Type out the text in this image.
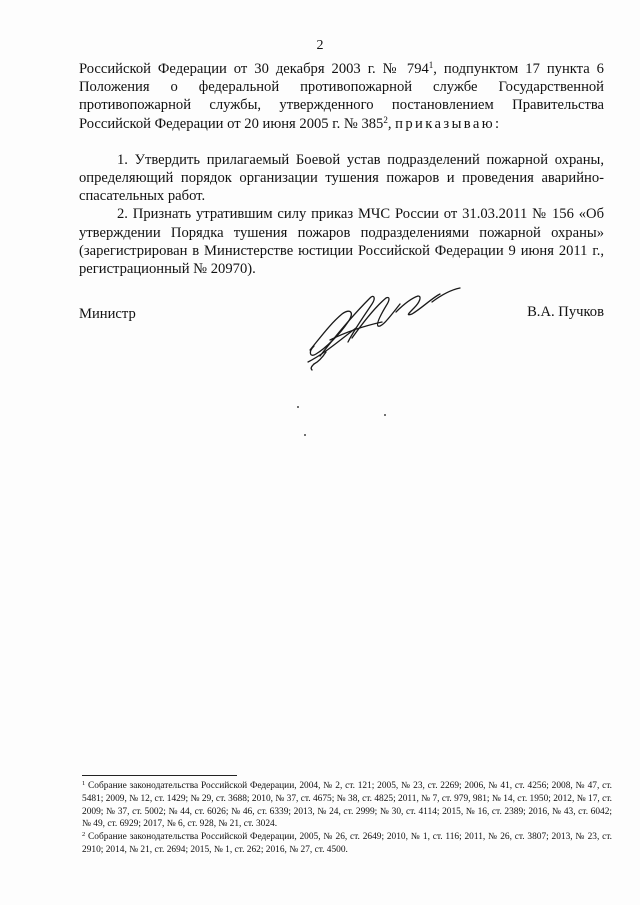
2

Российской Федерации от 30 декабря 2003 г. № $794^1$, подпунктом 17 пункта 6 Положения о федеральной противопожарной службе Государственной противопожарной службы, утвержденного постановлением Правительства Российской Федерации от 20 июня 2005 г. № $385^2$, приказываю:

1. Утвердить прилагаемый Боевой устав подразделений пожарной охраны, определяющий порядок организации тушения пожаров и проведения аварийно-спасательных работ.

2. Признать утратившим силу приказ МЧС России от 31.03.2011 № 156 «Об утверждении Порядка тушения пожаров подразделениями пожарной охраны» (зарегистрирован в Министерстве юстиции Российской Федерации 9 июня 2011 г., регистрационный № 20970).

Министр	В.А. Пучков

$^1$ Собрание законодательства Российской Федерации, 2004, № 2, ст. 121; 2005, № 23, ст. 2269; 2006, № 41, ст. 4256; 2008, № 47, ст. 5481; 2009, № 12, ст. 1429; № 29, ст. 3688; 2010, № 37, ст. 4675; № 38, ст. 4825; 2011, № 7, ст. 979, 981; № 14, ст. 1950; 2012, № 17, ст. 2009; № 37, ст. 5002; № 44, ст. 6026; № 46, ст. 6339; 2013, № 24, ст. 2999; № 30, ст. 4114; 2015, № 16, ст. 2389; 2016, № 43, ст. 6042; № 49, ст. 6929; 2017, № 6, ст. 928, № 21, ст. 3024.

$^2$ Собрание законодательства Российской Федерации, 2005, № 26, ст. 2649; 2010, № 1, ст. 116; 2011, № 26, ст. 3807; 2013, № 23, ст. 2910; 2014, № 21, ст. 2694; 2015, № 1, ст. 262; 2016, № 27, ст. 4500.
